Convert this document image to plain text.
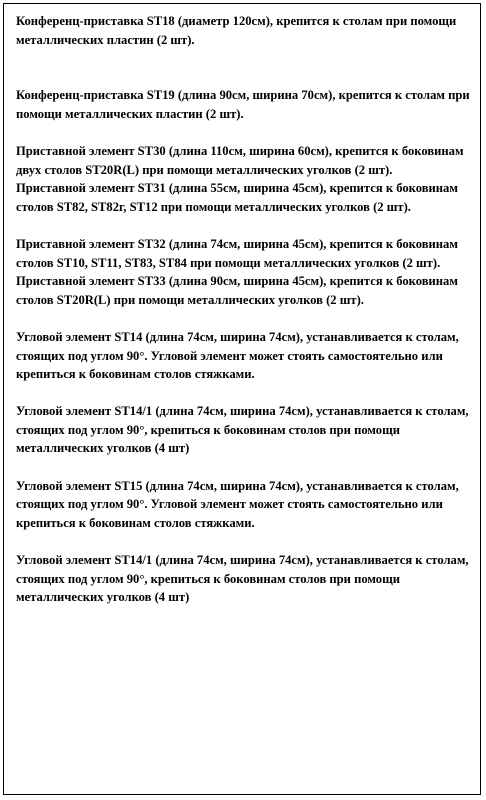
Конференц-приставка ST18 (диаметр 120см), крепится к столам при помощи металлических пластин (2 шт).

Конференц-приставка ST19 (длина 90см, ширина 70см), крепится к столам при помощи металлических пластин (2 шт).

Приставной элемент ST30 (длина 110см, ширина 60см), крепится к боковинам двух столов ST20R(L) при помощи металлических уголков (2 шт).

Приставной элемент ST31 (длина 55см, ширина 45см), крепится к боковинам столов ST82, ST82г, ST12 при помощи металлических уголков (2 шт).

Приставной элемент ST32 (длина 74см, ширина 45см), крепится к боковинам столов ST10, ST11, ST83, ST84 при помощи металлических уголков (2 шт).

Приставной элемент ST33 (длина 90см, ширина 45см), крепится к боковинам столов ST20R(L) при помощи металлических уголков (2 шт).

Угловой элемент ST14 (длина 74см, ширина 74см), устанавливается к столам, стоящих под углом 90°. Угловой элемент может стоять самостоятельно или крепиться к боковинам столов стяжками.

Угловой элемент ST14/1 (длина 74см, ширина 74см), устанавливается к столам, стоящих под углом 90°, крепиться к боковинам столов при помощи металлических уголков (4 шт)

Угловой элемент ST15 (длина 74см, ширина 74см), устанавливается к столам, стоящих под углом 90°. Угловой элемент может стоять самостоятельно или крепиться к боковинам столов стяжками.

Угловой элемент ST14/1 (длина 74см, ширина 74см), устанавливается к столам, стоящих под углом 90°, крепиться к боковинам столов при помощи металлических уголков (4 шт)
